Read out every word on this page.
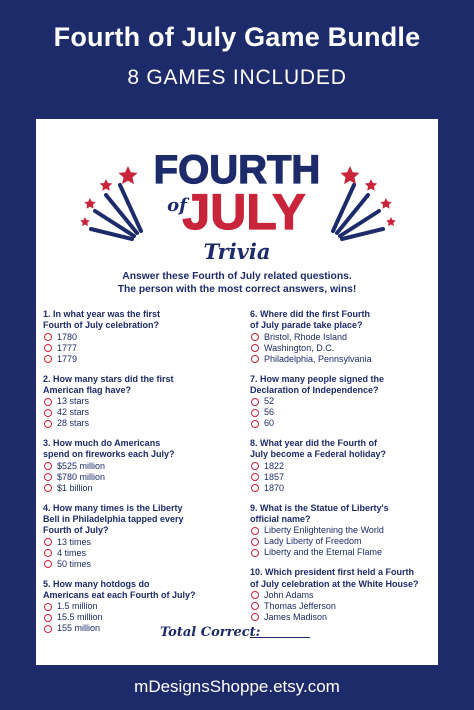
Fourth of July Game Bundle
8 GAMES INCLUDED
FOURTH
of
JULY
Trivia
Answer these Fourth of July related questions.
The person with the most correct answers, wins!
1. In what year was the first
Fourth of July celebration?
1780
1777
1779
2. How many stars did the first
American flag have?
13 stars
42 stars
28 stars
3. How much do Americans
spend on fireworks each July?
$525 million
$780 million
$1 billion
4. How many times is the Liberty
Bell in Philadelphia tapped every
Fourth of July?
13 times
4 times
50 times
5. How many hotdogs do
Americans eat each Fourth of July?
1.5 million
15.5 million
155 million
6. Where did the first Fourth
of July parade take place?
Bristol, Rhode Island
Washington, D.C.
Philadelphia, Pennsylvania
7. How many people signed the
Declaration of Independence?
52
56
60
8. What year did the Fourth of
July become a Federal holiday?
1822
1857
1870
9. What is the Statue of Liberty's
official name?
Liberty Enlightening the World
Lady Liberty of Freedom
Liberty and the Eternal Flame
10. Which president first held a Fourth
of July celebration at the White House?
John Adams
Thomas Jefferson
James Madison
Total Correct:
mDesignsShoppe.etsy.com
